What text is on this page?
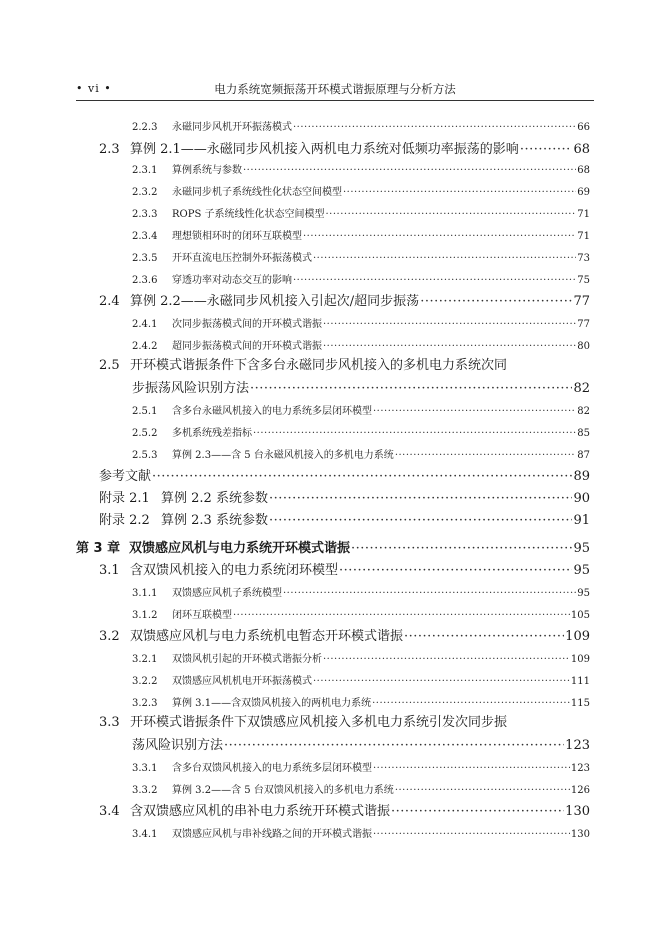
• vi •	电力系统宽频振荡开环模式谐振原理与分析方法
2.2.3	永磁同步风机开环振荡模式 ·····	66
2.3 算例 2.1——永磁同步风机接入两机电力系统对低频功率振荡的影响 ·····	68
2.3.1	算例系统与参数 ·····	68
2.3.2	永磁同步机子系统线性化状态空间模型 ·····	69
2.3.3	ROPS 子系统线性化状态空间模型 ·····	71
2.3.4	理想锁相环时的闭环互联模型 ·····	71
2.3.5	开环直流电压控制外环振荡模式 ·····	73
2.3.6	穿透功率对动态交互的影响 ·····	75
2.4 算例 2.2——永磁同步风机接入引起次/超同步振荡 ·····	77
2.4.1	次同步振荡模式间的开环模式谐振 ·····	77
2.4.2	超同步振荡模式间的开环模式谐振 ·····	80
2.5 开环模式谐振条件下含多台永磁同步风机接入的多机电力系统次同
步振荡风险识别方法 ·····	82
2.5.1	含多台永磁风机接入的电力系统多层闭环模型 ·····	82
2.5.2	多机系统残差指标 ·····	85
2.5.3	算例 2.3——含 5 台永磁风机接入的多机电力系统 ·····	87
参考文献 ·····	89
附录 2.1 算例 2.2 系统参数 ·····	90
附录 2.2 算例 2.3 系统参数 ·····	91
第 3 章 双馈感应风机与电力系统开环模式谐振 ·····	95
3.1 含双馈风机接入的电力系统闭环模型 ·····	95
3.1.1	双馈感应风机子系统模型 ·····	95
3.1.2	闭环互联模型 ·····	105
3.2 双馈感应风机与电力系统机电暂态开环模式谐振 ·····	109
3.2.1	双馈风机引起的开环模式谐振分析 ·····	109
3.2.2	双馈感应风机机电开环振荡模式 ·····	111
3.2.3	算例 3.1——含双馈风机接入的两机电力系统 ·····	115
3.3 开环模式谐振条件下双馈感应风机接入多机电力系统引发次同步振
荡风险识别方法 ·····	123
3.3.1	含多台双馈风机接入的电力系统多层闭环模型 ·····	123
3.3.2	算例 3.2——含 5 台双馈风机接入的多机电力系统 ·····	126
3.4 含双馈感应风机的串补电力系统开环模式谐振 ·····	130
3.4.1	双馈感应风机与串补线路之间的开环模式谐振 ·····	130
